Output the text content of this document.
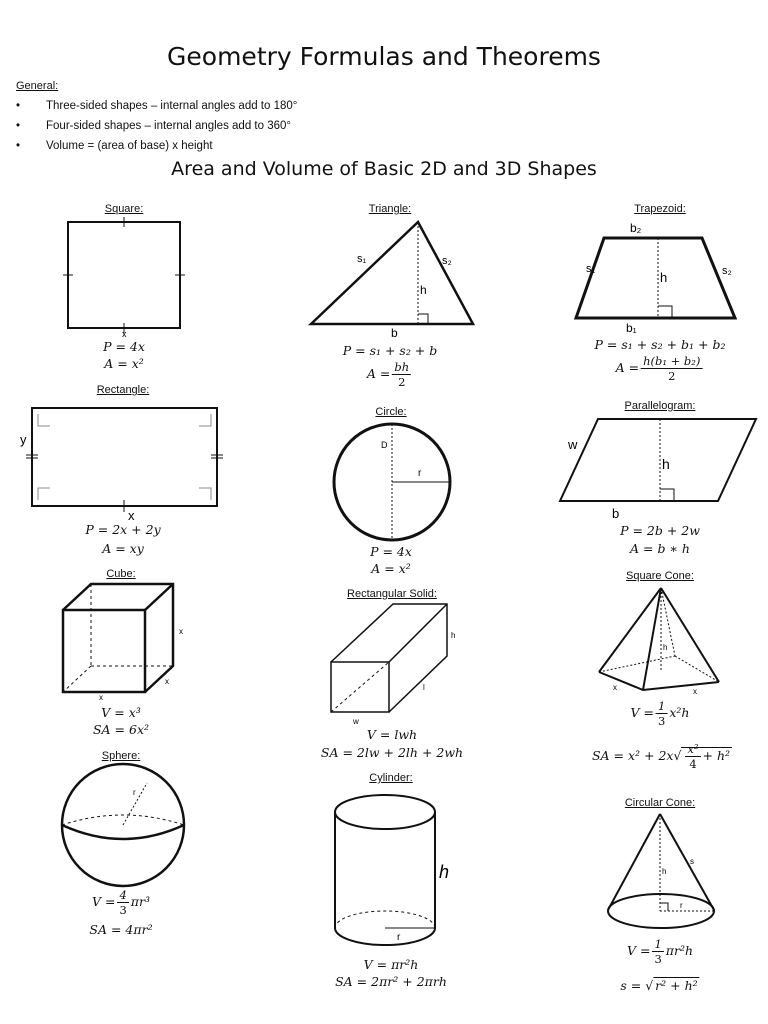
Geometry Formulas and Theorems
General:
• Three-sided shapes – internal angles add to 180°
• Four-sided shapes – internal angles add to 360°
• Volume = (area of base) x height
Area and Volume of Basic 2D and 3D Shapes
Square:
x
P = 4x
A = x²
Triangle:
s₁	s₂
h
b
P = s₁ + s₂ + b
$A = \frac{bh}{2}$
Trapezoid:
b₂
b₁
s₁	s₂
h
P = s₁ + s₂ + b₁ + b₂
$A = \frac{\text{h(b₁ + b₂)}}{2}$
Rectangle:
y
x
P = 2x + 2y
A = xy
Circle:
D
r
P = 4x
A = x²
Parallelogram:
w
h
b
P = 2b + 2w
A = b ∗ h
Cube:
x
x
x
V = x³
SA = 6x²
Rectangular Solid:
h
l
w
V = lwh
SA = 2lw + 2lh + 2wh
Square Cone:
h
x	x
$V = \frac{1}{3} x^2h$
SA = $x^2 + 2x√ \frac{\text{x²}}{4} + h^2$
Sphere:
r
$V = \frac{4}{3} \pi r^3$
SA = 4πr²
Cylinder:
r
h
V = πr²h
SA = 2πr² + 2πrh
Circular Cone:
h
r
s
$V = \frac{1}{3} \pi r^2h$
s = √ r² + h²
